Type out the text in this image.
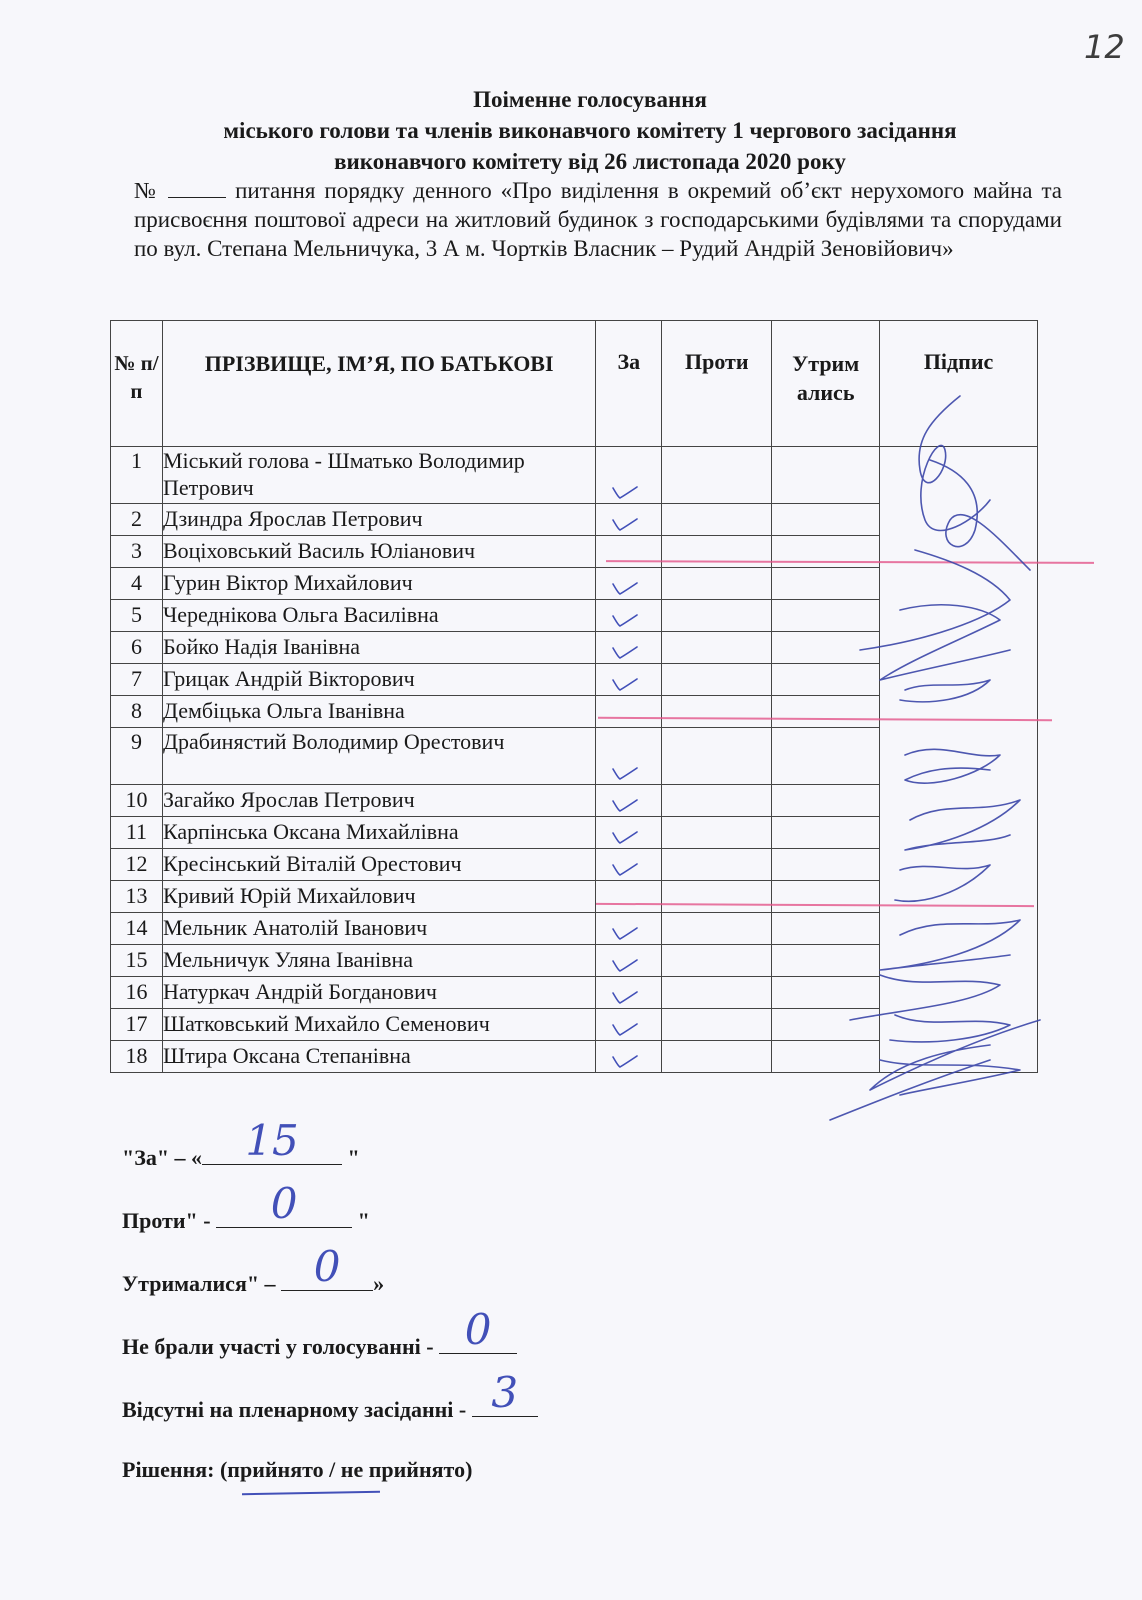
12
Поіменне голосування
міського голови та членів виконавчого комітету 1 чергового засідання
виконавчого комітету від 26 листопада 2020 року
№	питання порядку денного «Про виділення в окремий об’єкт нерухомого майна та присвоєння поштової адреси на житловий будинок з господарськими будівлями та спорудами по вул. Степана Мельничука, 3 А м. Чортків Власник – Рудий Андрій Зеновійович»
№ п/п	ПРІЗВИЩЕ, ІМ’Я, ПО БАТЬКОВІ	За	Проти	Утрим ались	Підпис
1	Міський голова - Шматько Володимир Петрович	

2	Дзиндра Ярослав Петрович	

3	Воціховський Василь Юліанович				
4	Гурин Віктор Михайлович	

5	Череднікова Ольга Василівна	

6	Бойко Надія Іванівна	

7	Грицак Андрій Вікторович	

8	Дембіцька Ольга Іванівна				
9	Драбинястий Володимир Орестович	

10	Загайко Ярослав Петрович	

11	Карпінська Оксана Михайлівна	

12	Кресінський Віталій Орестович	

13	Кривий Юрій Михайлович				
14	Мельник Анатолій Іванович	

15	Мельничук Уляна Іванівна	

16	Натуркач Андрій Богданович	

17	Шатковський Михайло Семенович	

18	Штира Оксана Степанівна	

"За" – «	15	"
Проти" -	0	"
Утрималися" – 0	»
Не брали участі у голосуванні - 0
Відсутні на пленарному засіданні - 3
Рішення: (прийнято / не прийнято)
